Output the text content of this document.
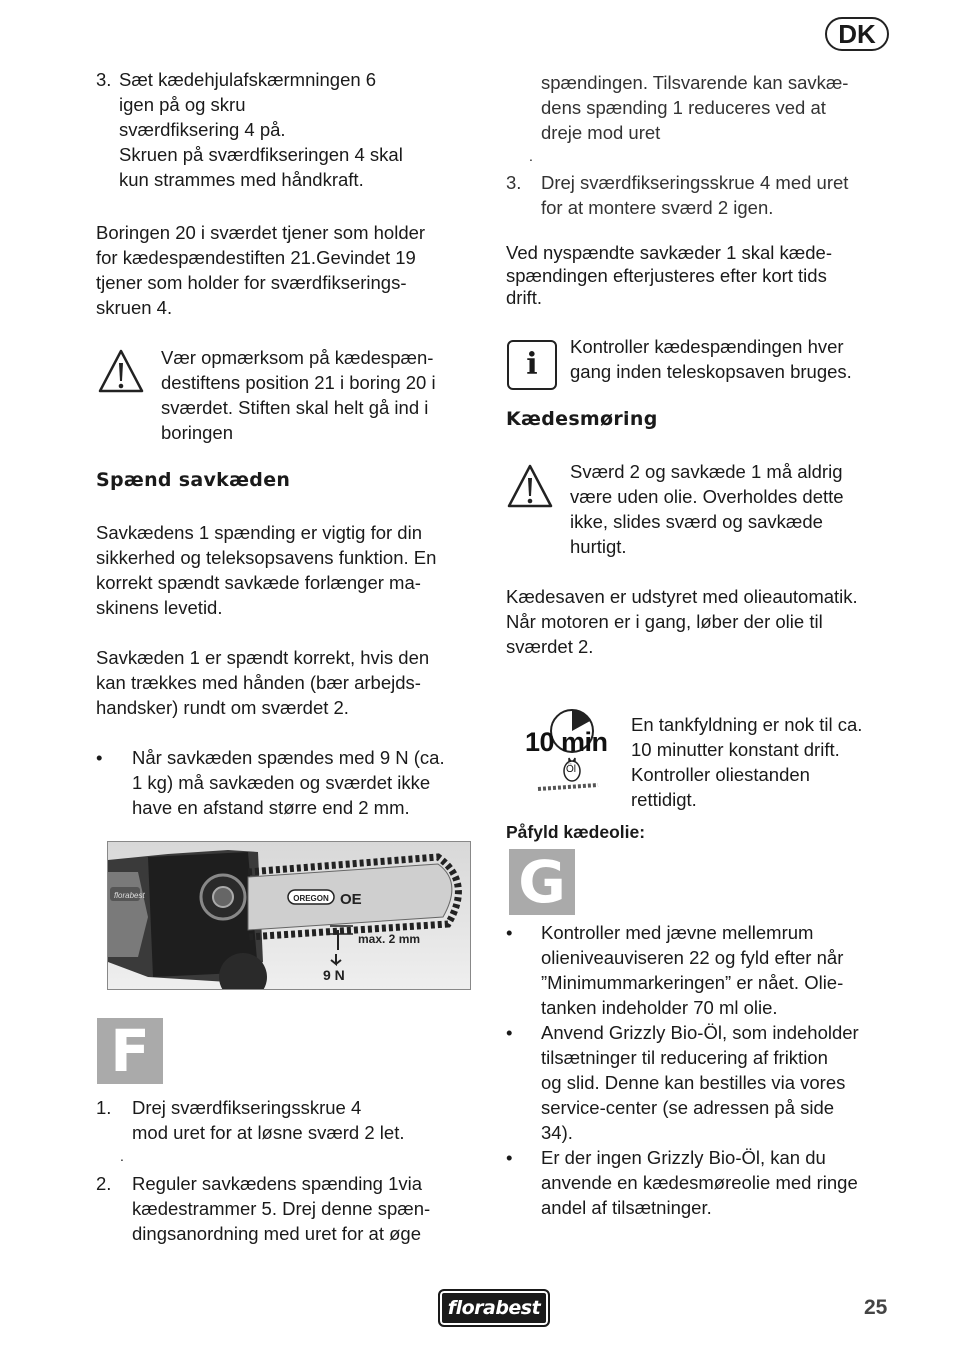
DK
3. Sæt kædehjulafskærmningen 6
igen på og skru
sværdfiksering 4 på.
Skruen på sværdfikseringen 4 skal
kun strammes med håndkraft.
Boringen 20 i sværdet tjener som holder
for kædespændestiften 21.Gevindet 19
tjener som holder for sværdfikserings-
skruen 4.
Vær opmærksom på kædespæn-
destiftens position 21 i boring 20 i
sværdet. Stiften skal helt gå ind i
boringen
Spænd savkæden
Savkædens 1 spænding er vigtig for din
sikkerhed og teleksopsavens funktion. En
korrekt spændt savkæde forlænger ma-
skinens levetid.
Savkæden 1 er spændt korrekt, hvis den
kan trækkes med hånden (bær arbejds-
handsker) rundt om sværdet 2.
• Når savkæden spændes med 9 N (ca.
1 kg) må savkæden og sværdet ikke
have en afstand større end 2 mm.
florabest	OREGON OE
max. 2 mm
9 N
F
1. Drej sværdfikseringsskrue 4
mod uret for at løsne sværd 2 let.
.
2. Reguler savkædens spænding 1via
kædestrammer 5. Drej denne spæn-
dingsanordning med uret for at øge
spændingen. Tilsvarende kan savkæ-
dens spænding 1 reduceres ved at
dreje mod uret
.
3. Drej sværdfikseringsskrue 4 med uret
for at montere sværd 2 igen.
Ved nyspændte savkæder 1 skal kæde-
spændingen efterjusteres efter kort tids
drift.
i
Kontroller kædespændingen hver
gang inden teleskopsaven bruges.
Kædesmøring
Sværd 2 og savkæde 1 må aldrig
være uden olie. Overholdes dette
ikke, slides sværd og savkæde
hurtigt.
Kædesaven er udstyret med olieautomatik.
Når motoren er i gang, løber der olie til
sværdet 2.
10 min
Öl
En tankfyldning er nok til ca.
10 minutter konstant drift.
Kontroller oliestanden
rettidigt.
Påfyld kædeolie:
G
• Kontroller med jævne mellemrum
olieniveauviseren 22 og fyld efter når
”Minimummarkeringen” er nået. Olie-
tanken indeholder 70 ml olie.
• Anvend Grizzly Bio-Öl, som indeholder
tilsætninger til reducering af friktion
og slid. Denne kan bestilles via vores
service-center (se adressen på side
34).
• Er der ingen Grizzly Bio-Öl, kan du
anvende en kædesmøreolie med ringe
andel af tilsætninger.
florabest	25
